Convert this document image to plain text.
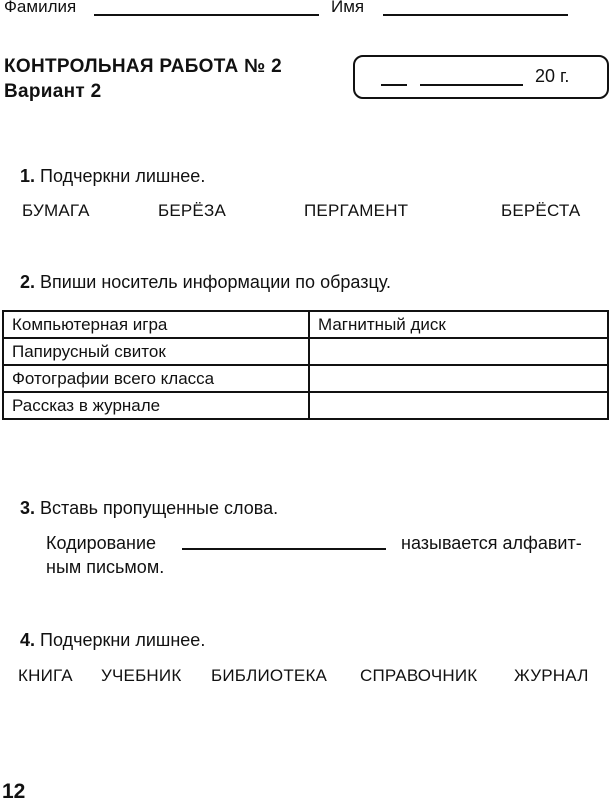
Фамилия	Имя
КОНТРОЛЬНАЯ РАБОТА № 2
Вариант 2
20 г.
1. Подчеркни лишнее.
БУМАГА	БЕРЁЗА	ПЕРГАМЕНТ	БЕРЁСТА
2. Впиши носитель информации по образцу.
Компьютерная игра	Магнитный диск
Папирусный свиток	
Фотографии всего класса	
Рассказ в журнале	
3. Вставь пропущенные слова.
Кодирование	называется алфавит-
ным письмом.
4. Подчеркни лишнее.
КНИГА УЧЕБНИК БИБЛИОТЕКА СПРАВОЧНИК ЖУРНАЛ
12
